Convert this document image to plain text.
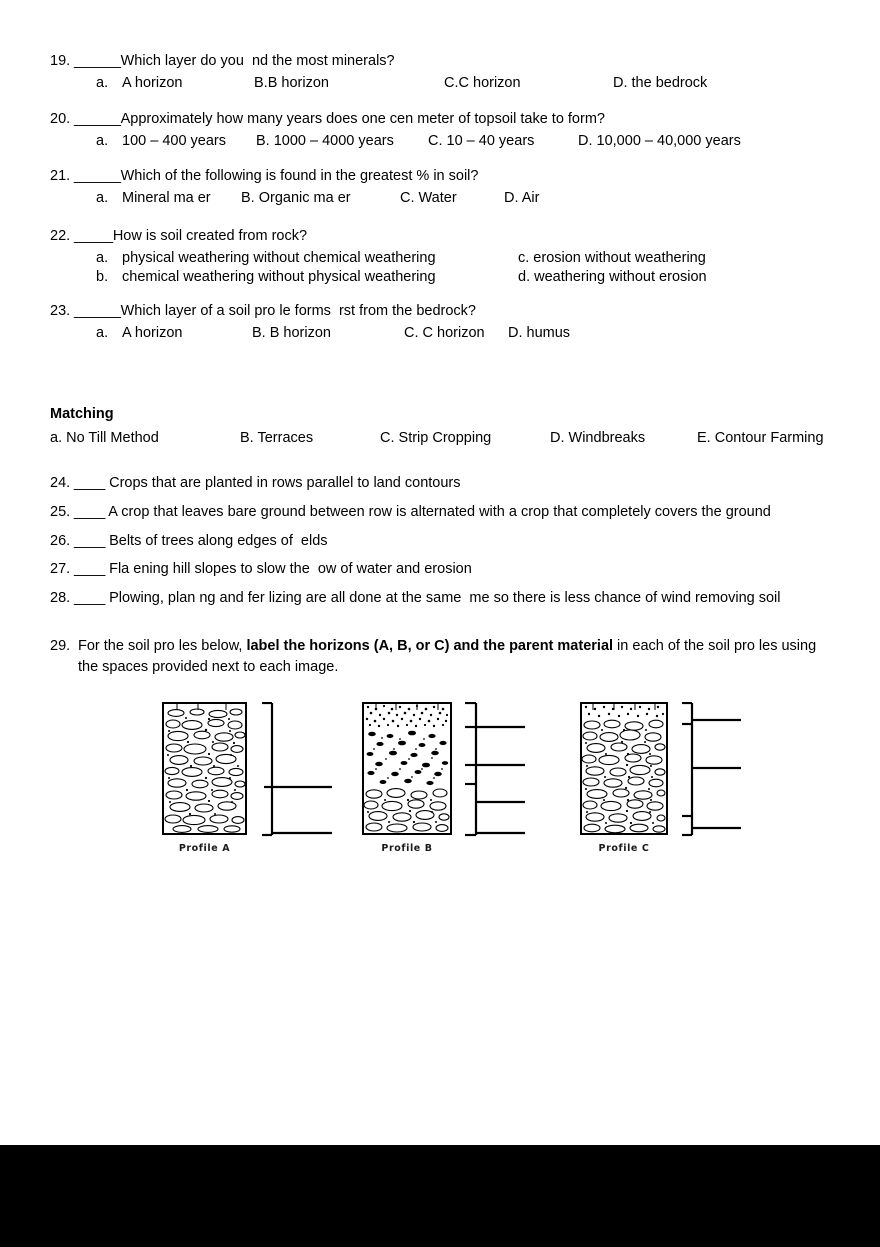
19. ______Which layer do you  nd the most minerals?
a. A horizon	B.B horizon	C.C horizon	D. the bedrock
20. ______Approximately how many years does one cen meter of topsoil take to form?
a. 100 – 400 years B. 1000 – 4000 years C. 10 – 40 years	D. 10,000 – 40,000 years
21. ______Which of the following is found in the greatest % in soil?
a. Mineral ma er B. Organic ma er	C. Water	D. Air
22. _____How is soil created from rock?
a. physical weathering without chemical weathering	c. erosion without weathering
b. chemical weathering without physical weathering	d. weathering without erosion
23. ______Which layer of a soil pro le forms  rst from the bedrock?
a. A horizon	B. B horizon	C. C horizon D. humus
Matching
a. No Till Method	B. Terraces	C. Strip Cropping	D. Windbreaks	E. Contour Farming
24. ____ Crops that are planted in rows parallel to land contours
25. ____ A crop that leaves bare ground between row is alternated with a crop that completely covers the ground
26. ____ Belts of trees along edges of  elds
27. ____ Fla ening hill slopes to slow the  ow of water and erosion
28. ____ Plowing, plan ng and fer lizing are all done at the same  me so there is less chance of wind removing soil
29. For the soil pro les below, label the horizons (A, B, or C) and the parent material in each of the soil pro les using the spaces provided next to each image.
Profile A	Profile B	Profile C
